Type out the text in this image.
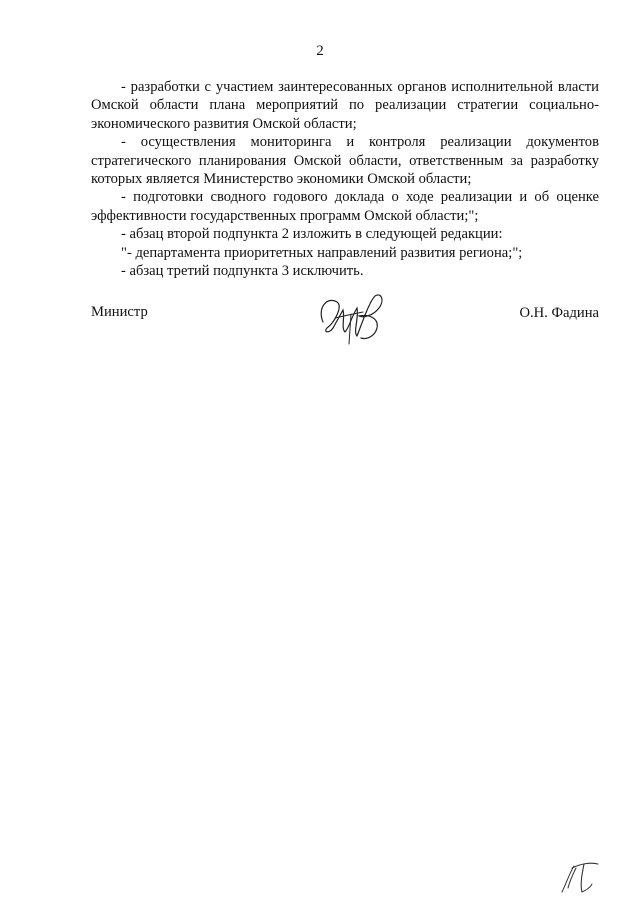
2

- разработки с участием заинтересованных органов исполнительной власти Омской области плана мероприятий по реализации стратегии социально-экономического развития Омской области;

- осуществления мониторинга и контроля реализации документов стратегического планирования Омской области, ответственным за разработку которых является Министерство экономики Омской области;

- подготовки сводного годового доклада о ходе реализации и об оценке эффективности государственных программ Омской области;";

- абзац второй подпункта 2 изложить в следующей редакции:

"- департамента приоритетных направлений развития региона;";

- абзац третий подпункта 3 исключить.

Министр	О.Н. Фадина
